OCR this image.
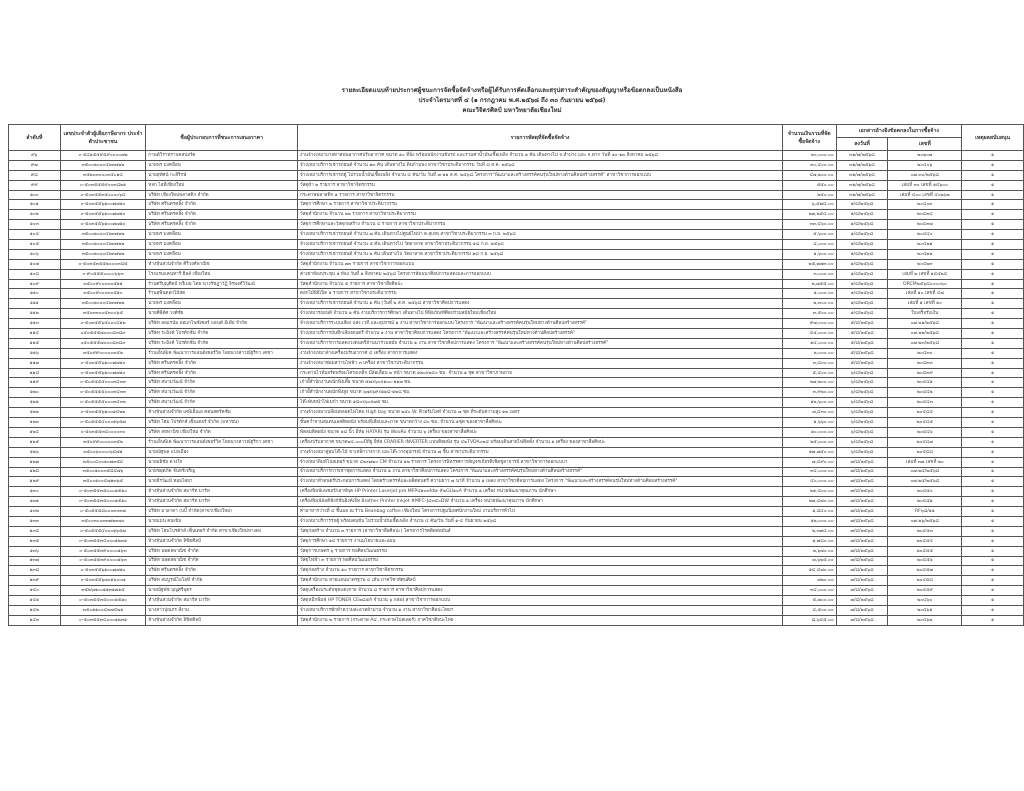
รายละเอียดแนบท้ายประกาศผู้ชนะการจัดซื้อจัดจ้างหรือผู้ได้รับการคัดเลือกและสรุปสาระสำคัญของสัญญาหรือข้อตกลงเป็นหนังสือ
ประจำไตรมาสที่ ๔ (๑ กรกฎาคม พ.ศ.๒๕๖๘ ถึง ๓๐ กันยายน ๒๕๖๘)
คณะวิจิตรศิลป์ มหาวิทยาลัยเชียงใหม่
ลำดับที่	เลขประจำตัวผู้เสียภาษีอากร ประจำตัวประชาชน	ชื่อผู้ประกอบการที่ชนะการเสนอราคา	รายการพัสดุที่จัดซื้อจัดจ้าง	จำนวนเงินรวมที่จัดซื้อจัดจ้าง	เอกสารอ้างอิงข้อตกลงในการซื้อจ้าง		เหตุผลสนับสนุน
					ลงวันที่	เลขที่	
๙๖	๐-๕๔๑๕๕๙๕๙๐๐๐๐๗๒	กานต์วิราทราบคสปอร์ต	งานจ้างเหมาบาลทาสพ่นอากาศปรับอากาศ ขนาด ๑๐ ที่นั่ง พร้อมพนักงานขับรถ และรวมค่าน้ำมันเชื้อเพลิง จำนวน ๑ คัน เดินทางไป จ.ลำปาง และ จ.ตาก วันที่ ๑๐-๑๓ สิงหาคม ๒๕๖๘	๒๐,๐๐๐.๐๐	๓๑/๗/๒๕๖๘	๒๐๒๐๗	๑
๙๗	๓๕๐๐๒๐๐๐๔๒๓๗๒๒	นายพร มงคลื่อน	จ้างเหมาบริการเช่ารถยนต์ จำนวน ๑๓ คัน เดินทางไป ดินก้ามพง สาขาวิชาประติมากรรม วันที่ ๘ ส.ค. ๒๕๖๘	๓๐,๔๐๐.๐๐	๓๑/๗/๒๕๖๘	๒๐๔๐๖	๑
๙๘	๓๕๒๐๓๐๐๐๓๕๐๑๔	นายสุทัศน์ กะสิริกษ์	จ้างเหมาบริการเช่ารถตู้ ไม่รวมน้ำมันเชื้อเพลิง จำนวน ๔ คัน/วัน วันที่ ๗-๑๑ ส.ค. ๒๕๖๘ โครงการ"พัฒนาและสร้างสรรค์คนรุ่นใหม่ทางด้านศิลปสร้างสรรค์" สาขาวิชาการออกแบบ	๔๗,๒๐๐.๐๐	๓๑/๗/๒๕๖๘	๐๗.๓๐/๒๕๖๘	๑
๙๙	๐-๕๐๓๕๕๕๙๐๐๓๘๒๑	หจก.ไอทีเชียงใหม่	วัสดุผ้า ๒ รายการ สาขาวิชาจิตรกรรม	๕๕๐.๐๐	๓๑/๗/๒๕๖๘	เล่มที่ ๓๐ เลขที่ ๑๔๖๐๐	๑
๑๐๐	๐-๕๐๓๕๕๓๕๐๐๐๐๖๔	บริษัท เชียงใหม่พลาสติก จำกัด	กระดาษพลาสติก ๑ รายการ สาขาวิชาจิตรกรรม	๒๕๐.๐๐	๓๑/๗/๒๕๖๘	เล่มที่ ๔๐๐ เลขที่ ๔๐๒๖๒	๑
๑๐๑	๐-๕๐๓๕๕๖๑๐๐๗๗๑๐	บริษัท ศรีนครคลิ้ง จำกัด	วัสดุการศึกษา ๒ รายการ สาขาวิชาประติมากรรม	๖,๕๗๔.๐๐	๑/๘/๒๕๖๘	๒๐๔๐๓	๑
๑๐๒	๐-๕๐๓๕๕๖๑๐๐๗๗๑๐	บริษัท ศรีนครคลิ้ง จำกัด	วัสดุสำนักงาน จำนวน ๒๒ รายการ สาขาวิชาประติมากรรม	๒๗,๒๕๔.๐๐	๑/๘/๒๕๖๘	๒๐๔๓๔	๑
๑๐๓	๐-๕๐๓๕๕๖๑๐๐๗๗๑๐	บริษัท ศรีนครคลิ้ง จำกัด	วัสดุการศึกษาและวัสดุก่อสร้าง จำนวน ๔ รายการ สาขาวิชาประติมากรรม	๓๓,๔๖๐.๐๐	๑/๘/๒๕๖๘	๒๐๔๓๗	๑
๑๐๔	๓๕๐๐๒๐๐๐๔๒๓๗๒๒	นายพร มงคลื่อน	จ้างเหมาบริการเช่ารถยนต์ จำนวน ๗ คัน เดินทางไปศูนย์ไฟป่า ต.สุเทพ สาขาวิชาประติมากรรม ๓ ก.ย. ๒๕๖๘	๕,๖๐๐.๐๐	๑/๘/๒๕๖๘	๒๐๔๔๐	๑
๑๐๕	๓๕๐๐๒๐๐๐๔๒๓๗๒๒	นายพร มงคลื่อน	จ้างเหมาบริการเช่ารถยนต์ จำนวน ๕ คัน เดินทางไป วัดผาลาด สาขาวิชาประติมากรรม ๑๘ ก.ย. ๒๕๖๘	๔,๐๐๐.๐๐	๑/๘/๒๕๖๘	๒๐๔๒๑	๑
๑๐๖	๓๕๐๐๒๐๐๐๔๒๓๗๒๒	นายพร มงคลื่อน	จ้างเหมาบริการเช่ารถยนต์ จำนวน ๒ คัน เดินทางไป วัดผาลาด สาขาวิชาประติมากรรม ๑๘ ก.ย. ๒๕๖๘	๑,๖๐๐.๐๐	๑/๘/๒๕๖๘	๒๐๔๒๒	๑
๑๐๗	๐-๕๐๓๕๓๕๕๒๐๐๐๓๘๕	ห้างหุ้นส่วนจำกัด ศิริวงศ์พาณิช	วัสดุสำนักงาน จำนวน ๗๓ รายการ สาขาวิชาการออกแบบ	๒๕,๗๗๓.๐๐	๑/๘/๒๕๖๘	๒๐๔๒๓	๑
๑๐๘	๐-๙๐๕๕๕๐๐๐๐๖๖๓	โรงแรมแคนทารี ฮิลล์ เชียงใหม่	ค่าเช่าห้องประชุม ๑ ห้อง วันที่ ๑ สิงหาคม ๒๕๖๘ โครงการสัมมนาศิลปการแสดงและการออกแบบ	๓,๐๐๐.๐๐	๑/๘/๒๕๖๘	เล่มที่ ๒ เลขที่ ๑๔๕๒๔	๑
๑๐๙	๓๕๐๐๙๐๐๐๓๐๕๑๑	ร้านศรีบุญศิลป์ พรีเมย โดย นางรัชฎาวัฏ์ จิรพงศ์วิวัฒน์	วัสดุสำนักงาน จำนวน ๕ รายการ สาขาวิชาสื่อศิลปะ	๒,๗๕๕.๐๐	๑/๘/๒๕๖๘	ORCM๒๕๖๘๐๐๐๐๖๐	๑
๑๑๐	๓๕๐๐๙๐๐๐๓๐๕๑๐	ร้านสุพินดอกไม้สด	ดอกไม้พิธีเปิด ๑ รายการ สาขาวิชาประติมากรรม	๑,๐๐๐.๐๐	๑/๘/๒๕๖๘	เล่มที่ ๑๐ เลขที่ ๔๗	๑
๑๑๑	๓๕๐๐๒๐๐๐๔๒๓๗๒๒	นายพร มงคลื่อน	จ้างเหมาบริการเช่ารถยนต์ จำนวน ๑ คัน (วันที่ ๒ ส.ค. ๒๕๖๘ สาขาวิชาศิลปการแสดง	๒,๓๐๐.๐๐	๑/๘/๒๕๖๘	เล่มที่ ๑ เลขที่ ๑๐	๑
๑๑๒	๓๕๐๓๓๐๐๕๓๐๐๖๕	นายศิลิต์ศ วงศ์ชัย	จ้างเหมารถยนต์ จำนวน ๑ คัน งานบริการการศึกษา เดินทางไป พิพิธภัณฑ์ศิลปร่วมสมัยใหม่เชียงใหม่	๓,๕๐๐.๐๐	๑/๘/๒๕๖๘	ใบเสร็จรับเงิน	๑
๑๑๓	๐-๕๐๓๕๕๖๕๐๐๐๔๑๒	บริษัท ออแรน์ม ออแกไนซ์เซอร์ แอนด์ มีเดีย จำกัด	จ้างเหมาบริการระบบเสียง แสง เวที และอุปกรณ์ ๑ งาน สาขาวิชาการออกแบบ โครงการ "พัฒนาและสร้างสรรค์คนรุ่นใหม่ทางด้านศิลปสร้างสรรค์"	๙๗,๐๐๐.๐๐	๕/๘/๒๕๖๘	๐๗.๒๑/๒๕๖๘	๑
๑๑๔	๐๕๐๕๕๕๗๐๐๐๘๓๘๓	บริษัท ระมิงค์ โปรดักชั่น จำกัด	จ้างเหมาบริการบันทึกเสียงดนตรี จำนวน ๑ งาน สาขาวิชาศิลปการแสดง โครงการ "พัฒนาและสร้างสรรค์คนรุ่นใหม่ทางด้านศิลปสร้างสรรค์"	๔๕,๐๐๐.๐๐	๕/๘/๒๕๖๘	๐๗.๒๒/๒๕๖๘	๑
๑๑๕	๐๕๐๕๕๕๗๐๐๐๘๓๘๓	บริษัท ระมิงค์ โปรดักชั่น จำกัด	จ้างเหมาบริการการแสดงวงดนตรีล้านนาร่วมสมัย จำนวน ๑ งาน สาขาวิชาศิลปการแสดง โครงการ "พัฒนาและสร้างสรรค์คนรุ่นใหม่ทางด้านศิลปสร้างสรรค์"	๑๔,๐๐๐.๐๐	๕/๘/๒๕๖๘	๐๗.๒๓/๒๕๖๘	๑
๑๑๖	๓๕๐๙๙๐๐๐๐๐๓๕๒	ร้านเอ็นพีเค พัฒนาการแอนด์เซอร์วิส โดยนางสาวณัฐริกา เตชา	งานจ้างเหมาล้างเครื่องปรับอากาศ ๔ เครื่อง สาขาการแสดง	๒,๐๐๐.๐๐	๕/๘/๒๕๖๘	๒๐๔๓๐	๑
๑๑๗	๐-๕๐๓๕๕๖๑๐๐๗๗๑๐	บริษัท ศรีนครคลิ้ง จำกัด	งานจ้างเหมาซ่อมสว่านไฟฟ้า ๓ เครื่อง สาขาวิชาประติมากรรม	๓,๘๐๐.๐๐	๕/๘/๒๕๖๘	๒๐๔๓๓	๑
๑๑๘	๐-๕๐๓๕๕๖๑๐๐๗๗๑๐	บริษัท ศรีนครคลิ้ง จำกัด	กระดานไวท์บอร์ดพร้อมโครงเหล็ก มีล้อเลื่อน ๒ หน้า ขนาด ๑๒๐x๒๔๐ ซม. จำนวน ๑ ชุด สาขาวิชาภาพถ่าย	๕,๔๐๐.๐๐	๖/๘/๒๕๖๘	๒๐๔๓๙	๑
๑๑๙	๐-๕๐๕๕๕๕๐๐๐๓๔๓๓	บริษัท สนามวัฒน์ จำกัด	เก้าอี้สำนักงานพนักพิงเตี้ย ขนาด ๕๗x๖๐x๑๐๐-๑๑๗ ซม.	๒๗,๒๐๐.๐๐	๖/๘/๒๕๖๘	๒๐๔๔๑	๑
๑๒๐	๐-๕๐๕๕๕๕๐๐๐๓๔๓๓	บริษัท สนามวัฒน์ จำกัด	เก้าอี้สำนักงานพนักพิงสูง ขนาด ๖๗x๖๙x๑๑๘-๑๒๘ ซม.	๓,๙๒๐.๐๐	๖/๘/๒๕๖๘	๒๐๔๔๒	๑
๑๒๑	๐-๕๐๕๕๕๕๐๐๐๓๔๓๓	บริษัท สนามวัฒน์ จำกัด	โต๊ะพับหน้าไฟเมก้า ขนาด ๑๘๐x๖๐x๗๕ ซม.	๑๒,๖๐๐.๐๐	๖/๘/๒๕๖๘	๒๐๔๔๓	๑
๑๒๒	๐-๕๐๓๕๕๖๑๐๐๑๔๒๒	ห้างหุ้นส่วนจำกัด เคพีเอ็นเอ คอนสตรัคชั่น	งานจ้างเหมาเปลี่ยนหลอดไฟโคม High bay ขนาด ๒๕๐ W. ติวอร์มไลท์ จำนวน ๗ ชุด ที่ระดับความสูง ๑๒ เมตร	๗,๔๓๐.๐๐	๖/๘/๒๕๖๘	๒๐๔๔๔	๑
๑๒๓	๐-๕๐๕๕๕๔๐๐๐๑๖๕๗	บริษัท โฮม โปรดักส์ เซ็นเตอร์ จำกัด (มหาชน)	ชั้นคว่ำจานสแตนเลสติดผนัง พร้อมที่เสียบและถาด ขนาดกว้าง ๘๐ ซม. จำนวน ๑ชุด ของสาขาสื่อศิลปะ	๑,๖๖๐.๐๐	๖/๘/๒๕๖๘	๒๐๔๔๕	๑
๑๒๔	๐-๕๐๓๕๕๓๔๐๐๐๐๓๐	บริษัท สหพานิช เชียงใหม่ จำกัด	พัดลมติดผนัง ขนาด ๑๘ นิ้ว ยี่ห้อ HATARI รุ่น WooRo จำนวน ๖ เครื่อง ของสาขาสื่อศิลปะ	๑๐,๐๐๐.๐๐	๖/๘/๒๕๖๘	๒๐๔๔๖	๑
๑๒๕	๓๕๐๙๙๐๐๐๐๐๓๕๒	ร้านเอ็นพีเค พัฒนาการแอนด์เซอร์วิส โดยนางสาวณัฐริกา เตชา	เครื่องปรับอากาศ ขนาด๒๔,๐๐๐บีทียู ยี่ห้อ CRARIER INVERTER แบบติดผนัง รุ่น ๔๒TVDA๐๒๔ พร้อมเดินสายไฟติดตั้ง จำนวน ๑ เครื่อง ของสาขาสื่อศิลปะ	๒๕,๐๐๐.๐๐	๖/๘/๒๕๖๘	๒๐๔๔๗	๑
๑๒๖	๓๕๐๐๖๐๐๐๐๖๔๗๑	นายณัฐพล แปงเมือง	งานจ้างเหมาสู่อมโต๊ะไม้ ขาเหล็กวางกาก และโต๊ะวางอุปกรณ์ จำนวน ๗ ชิ้น สาขาประติมากรรม	๑๗,๗๕๐.๐๐	๖/๘/๒๕๖๘	๒๐๔๔๘	๑
๑๒๗	๓๕๐๐๔๐๐๑๐๗๓๕๔	นายอธิชัย ดวงใจ	จ้างเหมาพิมพ์โปสเตอร์ ขนาด ๔๒x๗๒๐ CM จำนวน ๑๒ รายการ โครงการนิทรรศการสัญจรเกียรติเชิดชูอาจารย์ สาขาวิชาการออกแบบา	๗,๔๙๐.๐๐	๗/๘/๒๕๖๘	เล่มที่ ๓๗ เลขที่ ๒๐	๑
๑๒๘	๓๕๐๐๑๐๐๓๕๘๔๗๖	นายชยุตภัค จันทร์เจริญ	จ้างเหมาบริการการเช่าชุดการแสดง จำนวน ๑ งาน สาขาวิชาศิลปการแสดง โครงการ "พัฒนาและสร้างสรรค์คนรุ่นใหม่ทางด้านศิลปสร้างสรรค์"	๓๔,๐๐๐.๐๐	๗/๘/๒๕๖๘	๐๗.๒๔/๒๕๖๘	๑
๑๒๙	๓๕๐๐๑๐๐๔๗๑๓๖๕	นายธีรวัฒน์ หอมไสยา	จ้างเหมาทำดนตรีประกอบการแสดง โดยสร้างสรรค์และผลิตดนตรี ความยาว ๗ นาที จำนวน ๑ เพลง สาขาวิชาศิลปการแสดง โครงการ "พัฒนาและสร้างสรรค์คนรุ่นใหม่ทางด้านศิลปสร้างสรรค์"	๔๐,๐๐๐.๐๐	๗/๘/๒๕๖๘	๐๗.๒๕/๒๕๖๘	๑
๑๓๐	๐-๕๐๓๕๕๓๕๐๐๐๑๕๑๐	ห้างหุ้นส่วนจำกัด สมาร์ท มาร์ท	เครื่องพิมพ์เลเซอร์/เอาท์พุต HP Printer Laserjet pro MFP๔๑๐๓fdw #๒GU๑๐A จำนวน ๑ เครื่อง หน่วยพัฒนาคุณภาพ นักศึกษา	๒๑,๔๐๐.๐๐	๗/๘/๒๕๖๘	๒๐๔๕๐	๑
๑๓๑	๐-๕๐๓๕๕๓๕๐๐๐๑๕๑๐	ห้างหุ้นส่วนจำกัด สมาร์ท มาร์ท	เครื่องพิมพ์มัลติฟังก์ชั่นอิงค์เจ็ท Brother Printer Inkjet #MFC-J๔๓๔๐DW จำนวน ๑ เครื่อง หน่วยพัฒนาคุณภาพ นักศึกษา	๒๗,๔๗๐.๐๐	๗/๘/๒๕๖๘	๒๐๔๕๑	๑
๑๓๒	๐-๕๐๕๕๕๘๐๐๐๓๐๓๗	บริษัท มาลาดา (บบี้ จำกัด(สาขาเชียงใหม่)	ค่าอาหารว่างที่ ๔ ชิ้นมอ ณ ร้าน Beanbag coffee เชียงใหม่ โครงการปฐมนิเทศนักงานใหม่ งานบริหารทั่วไป	๑,๘๔๐.๐๐	๗/๘/๒๕๖๘	RF๖๘/๑๑	๑
๑๓๓	๓๕๐๐๓๐๐๓๓๗๒๓๗๐	นายแมน คนเข้ม	จ้างเหมาบริการรถตู้ พร้อมคนขับ ไม่รวมน้ำมันเชื้อเพลิง จำนวน ๔ คัน/วัน วันที่ ๑-๔ กันยายน ๒๕๖๘	๑๒,๐๐๐.๐๐	๗/๘/๒๕๖๘	๐๗.๒๖/๒๕๖๘	๑
๑๓๔	๐-๕๐๕๕๕๔๐๐๐๑๖๕๗	บริษัท โฮมโปรดักส์ เซ็นเตอร์ จำกัด สาขาเชียงใหม่หางดง	วัสดุก่อสร้าง จำนวน ๓ รายการ (สาขาวิชาสื่อศิลปะ) โครงการโรคติดต่อมันส์	๒,๓๗๔.๐๐	๗/๘/๒๕๖๘	๒๐๔๕๓	๑
๑๓๕	๐-๕๐๓๕๕๓๔๐๐๐๑๒๓๑	ห้างหุ้นส่วนจำกัด ลิขิตศิลป์	วัสดุการศึกษา ๑๔ รายการ งานนโยบายและแผน	๑,๗๘๐.๐๐	๗/๘/๒๕๖๘	๒๐๔๕๔	๑
๑๓๖	๐-๕๐๓๕๕๓๙๐๐๐๐๑๖๓	บริษัท นพดลพาณิช จำกัด	วัสดุการเกษตร ๖ รายการ หอศิลปวัฒนธรรม	๒,๖๗๐.๐๐	๗/๘/๒๕๖๘	๒๐๔๕๕	๑
๑๓๗	๐-๕๐๓๕๕๓๙๐๐๐๐๑๖๓	บริษัท นพดลพาณิช จำกัด	วัสดุไฟฟ้า ๓ รายการ หอศิลปวัฒนธรรม	๗,๖๒๕.๐๐	๗/๘/๒๕๖๘	๒๐๔๕๖	๑
๑๓๘	๐-๕๐๓๕๕๖๑๐๐๗๗๑๐	บริษัท ศรีนครคลิ้ง จำกัด	วัสดุก่อสร้าง จำนวน ๑๐ รายการ สาขาวิชาจิตรกรรม	๑๔,๔๗๐.๐๐	๗/๘/๒๕๖๘	๒๐๔๕๗	๑
๑๓๙	๐-๕๐๓๕๕๖๗๐๑๖๐๐๗	บริษัท สมบูรณ์ไอโอที จำกัด	วัสดุสำนักงาน สายแลนมาตรฐาน ๔ เส้น ภาควิชาทัศนศิลป์	๗๒๐.๐๐	๗/๘/๒๕๖๘	๒๐๔๕๘	๑
๑๔๐	๓๕๒๖๗๐๐๑๑๓๑๗๑๕	นายณัฐพัช บุญศรีบุตร	วัสดุเครื่องประดับชุดแต่งกาย จำนวน ๘ รายการ สาขาวิชาศิลปการแสดง	๓๔,๐๐๐.๐๐	๗/๘/๒๕๖๘	๒๐๔๕๙	๑
๑๔๑	๐-๕๐๓๕๕๓๕๐๐๐๑๕๑๐	ห้างหุ้นส่วนจำกัด สมาร์ท มาร์ท	วัสดุหมึกพิมพ์ HP TONER CE๒๘๕A จำนวน ๖ กล่อง สาขาวิชาการออกแบบ	๕,๗๐๐.๐๐	๗/๘/๒๕๖๘	๒๐๔๖๐	๑
๑๔๒	๓๕๐๑๑๐๐๔๓๗๔๒๑	นางสาวปุณภร สีงาม	จ้างเหมาบริการซักทำความสะอาดผ้าม่าน จำนวน ๑ งาน สาขาวิชาศิลปะไทยฯ	๔,๕๐๐.๐๐	๗/๘/๒๕๖๘	๒๐๔๖๑	๑
๑๔๓	๐-๕๐๓๕๕๓๔๐๐๐๑๒๓๑	ห้างหุ้นส่วนจำกัด ลิขิตศิลป์	วัสดุสำนักงาน ๒ รายการ (กระดาษ A๔ ,กระดาษโปสเตอร์) ภาควิชาศิลปะไทย	๘,๖๔๕.๐๐	๗/๘/๒๕๖๘	๒๐๔๖๒	๑
